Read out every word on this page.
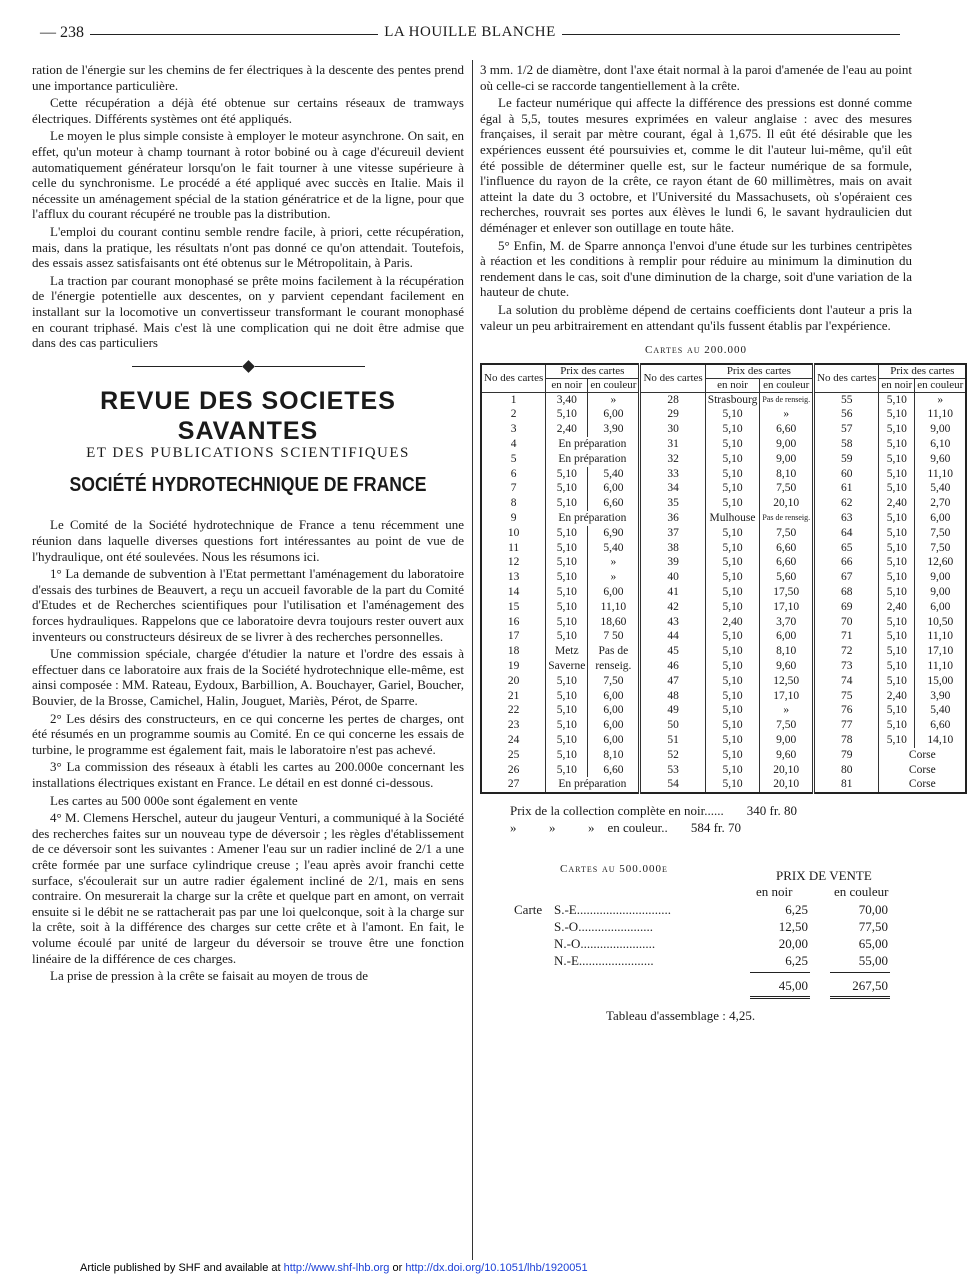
— 238	LA HOUILLE BLANCHE

ration de l'énergie sur les chemins de fer électriques à la descente des pentes prend une importance particulière.

Cette récupération a déjà été obtenue sur certains réseaux de tramways électriques. Différents systèmes ont été appliqués.

Le moyen le plus simple consiste à employer le moteur asynchrone. On sait, en effet, qu'un moteur à champ tournant à rotor bobiné ou à cage d'écureuil devient automatiquement générateur lorsqu'on le fait tourner à une vitesse supérieure à celle du synchronisme. Le procédé a été appliqué avec succès en Italie. Mais il nécessite un aménagement spécial de la station génératrice et de la ligne, pour que l'afflux du courant récupéré ne trouble pas la distribution.

L'emploi du courant continu semble rendre facile, à priori, cette récupération, mais, dans la pratique, les résultats n'ont pas donné ce qu'on attendait. Toutefois, des essais assez satisfaisants ont été obtenus sur le Métropolitain, à Paris.

La traction par courant monophasé se prête moins facilement à la récupération de l'énergie potentielle aux descentes, on y parvient cependant facilement en installant sur la locomotive un convertisseur transformant le courant monophasé en courant triphasé. Mais c'est là une complication qui ne doit être admise que dans des cas particuliers

REVUE DES SOCIETES SAVANTES
ET DES PUBLICATIONS SCIENTIFIQUES
SOCIÉTÉ HYDROTECHNIQUE DE FRANCE

Le Comité de la Société hydrotechnique de France a tenu récemment une réunion dans laquelle diverses questions fort intéressantes au point de vue de l'hydraulique, ont été soulevées. Nous les résumons ici.

1° La demande de subvention à l'Etat permettant l'aménagement du laboratoire d'essais des turbines de Beauvert, a reçu un accueil favorable de la part du Comité d'Etudes et de Recherches scientifiques pour l'utilisation et l'aménagement des forces hydrauliques. Rappelons que ce laboratoire devra toujours rester ouvert aux inventeurs ou constructeurs désireux de se livrer à des recherches personnelles.

Une commission spéciale, chargée d'étudier la nature et l'ordre des essais à effectuer dans ce laboratoire aux frais de la Société hydrotechnique elle-même, est ainsi composée : MM. Rateau, Eydoux, Barbillion, A. Bouchayer, Gariel, Boucher, Bouvier, de la Brosse, Camichel, Halin, Jouguet, Mariès, Pérot, de Sparre.

2° Les désirs des constructeurs, en ce qui concerne les pertes de charges, ont été résumés en un programme soumis au Comité. En ce qui concerne les essais de turbine, le programme est également fait, mais le laboratoire n'est pas achevé.

3° La commission des réseaux à établi les cartes au 200.000e concernant les installations électriques existant en France. Le détail en est donné ci-dessous.

Les cartes au 500 000e sont également en vente

4° M. Clemens Herschel, auteur du jaugeur Venturi, a communiqué à la Société des recherches faites sur un nouveau type de déversoir ; les règles d'établissement de ce déversoir sont les suivantes : Amener l'eau sur un radier incliné de 2/1 a une crête formée par une surface cylindrique creuse ; l'eau après avoir franchi cette surface, s'écoulerait sur un autre radier également incliné de 2/1, mais en sens contraire. On mesurerait la charge sur la crête et quelque part en amont, on verrait ensuite si le débit ne se rattacherait pas par une loi quelconque, soit à la charge sur la crête, soit à la différence des charges sur cette crête et à l'amont. En fait, le volume écoulé par unité de largeur du déversoir se trouve être une fonction linéaire de la différence de ces charges.

La prise de pression à la crête se faisait au moyen de trous de

3 mm. 1/2 de diamètre, dont l'axe était normal à la paroi d'amenée de l'eau au point où celle-ci se raccorde tangentiellement à la crête.

Le facteur numérique qui affecte la différence des pressions est donné comme égal à 5,5, toutes mesures exprimées en valeur anglaise : avec des mesures françaises, il serait par mètre courant, égal à 1,675. Il eût été désirable que les expériences eussent été poursuivies et, comme le dit l'auteur lui-même, qu'il eût été possible de déterminer quelle est, sur le facteur numérique de sa formule, l'influence du rayon de la crête, ce rayon étant de 60 millimètres, mais on avait atteint la date du 3 octobre, et l'Université du Massachusets, où s'opéraient ces recherches, rouvrait ses portes aux élèves le lundi 6, le savant hydraulicien dut déménager et enlever son outillage en toute hâte.

5° Enfin, M. de Sparre annonça l'envoi d'une étude sur les turbines centripètes à réaction et les conditions à remplir pour réduire au minimum la diminution du rendement dans le cas, soit d'une diminution de la charge, soit d'une variation de la hauteur de chute.

La solution du problème dépend de certains coefficients dont l'auteur a pris la valeur un peu arbitrairement en attendant qu'ils fussent établis par l'expérience.

Cartes au 200.000
No des cartes	Prix des cartes		No des cartes	Prix des cartes		No des cartes	Prix des cartes	
	en noir	en couleur		en noir	en couleur		en noir	en couleur
1	3,40	»	28	Strasbourg	Pas de renseig.	55	5,10	»
2	5,10	6,00	29	5,10	»	56	5,10	11,10
3	2,40	3,90	30	5,10	6,60	57	5,10	9,00
4	En préparation		31	5,10	9,00	58	5,10	6,10
5	En préparation		32	5,10	9,00	59	5,10	9,60
6	5,10	5,40	33	5,10	8,10	60	5,10	11,10
7	5,10	6,00	34	5,10	7,50	61	5,10	5,40
8	5,10	6,60	35	5,10	20,10	62	2,40	2,70
9	En préparation		36	Mulhouse	Pas de renseig.	63	5,10	6,00
10	5,10	6,90	37	5,10	7,50	64	5,10	7,50
11	5,10	5,40	38	5,10	6,60	65	5,10	7,50
12	5,10	»	39	5,10	6,60	66	5,10	12,60
13	5,10	»	40	5,10	5,60	67	5,10	9,00
14	5,10	6,00	41	5,10	17,50	68	5,10	9,00
15	5,10	11,10	42	5,10	17,10	69	2,40	6,00
16	5,10	18,60	43	2,40	3,70	70	5,10	10,50
17	5,10	7 50	44	5,10	6,00	71	5,10	11,10
18	Metz	Pas de	45	5,10	8,10	72	5,10	17,10
19	Saverne	renseig.	46	5,10	9,60	73	5,10	11,10
20	5,10	7,50	47	5,10	12,50	74	5,10	15,00
21	5,10	6,00	48	5,10	17,10	75	2,40	3,90
22	5,10	6,00	49	5,10	»	76	5,10	5,40
23	5,10	6,00	50	5,10	7,50	77	5,10	6,60
24	5,10	6,00	51	5,10	9,00	78	5,10	14,10
25	5,10	8,10	52	5,10	9,60	79	Corse	
26	5,10	6,60	53	5,10	20,10	80	Corse	
27	En préparation		54	5,10	20,10	81	Corse	
Prix de la collection complète en noir...... 340 fr. 80
»          »          »    en couleur.. 584 fr. 70
Cartes au 500.000e	PRIX DE VENTE
en noir	en couleur
Carte S.-E.............................	6,25	70,00
S.-O.......................	12,50	77,50
N.-O.......................	20,00	65,00
N.-E.......................	6,25	55,00
45,00	267,50
Tableau d'assemblage : 4,25.
Article published by SHF and available at http://www.shf-lhb.org or http://dx.doi.org/10.1051/lhb/1920051
